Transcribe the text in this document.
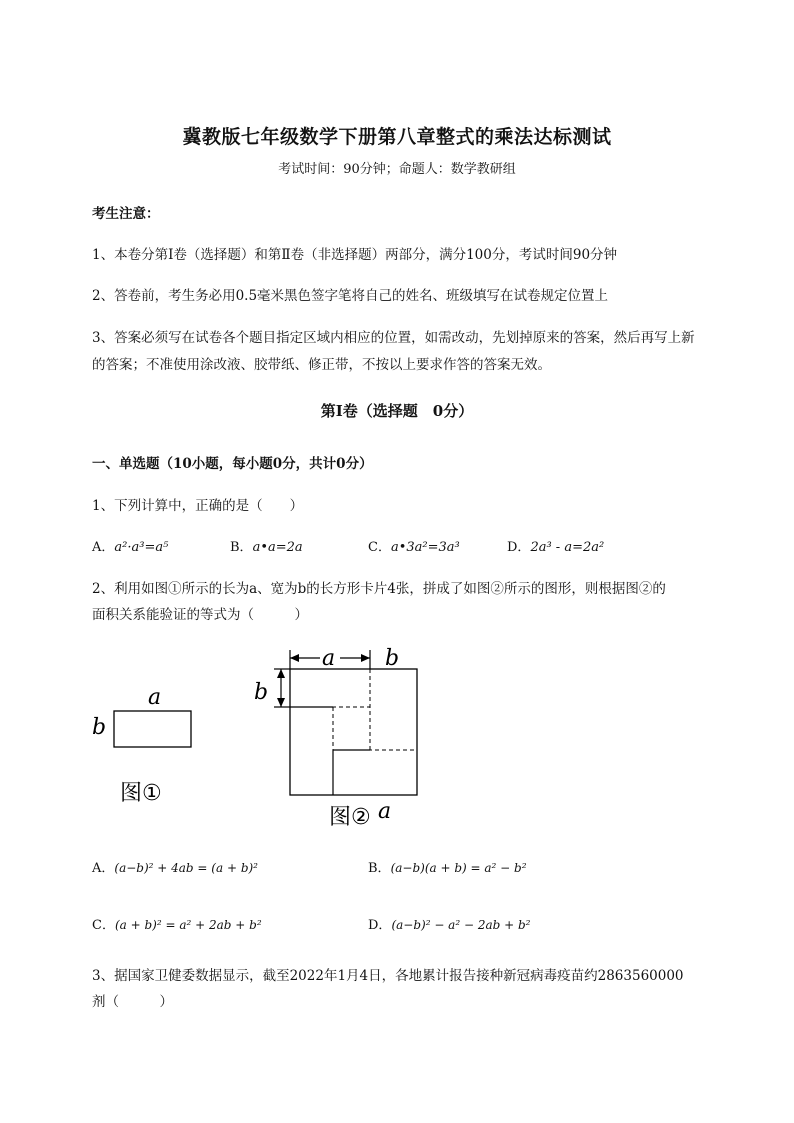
冀教版七年级数学下册第八章整式的乘法达标测试
考试时间：90分钟；命题人：数学教研组
考生注意：
1、本卷分第I卷（选择题）和第Ⅱ卷（非选择题）两部分，满分100分，考试时间90分钟
2、答卷前，考生务必用0.5毫米黑色签字笔将自己的姓名、班级填写在试卷规定位置上
3、答案必须写在试卷各个题目指定区域内相应的位置，如需改动，先划掉原来的答案，然后再写上新
的答案；不准使用涂改液、胶带纸、修正带，不按以上要求作答的答案无效。
第I卷（选择题　0分）
一、单选题（10小题，每小题0分，共计0分）
1、下列计算中，正确的是（　　）
A．a²·a³=a⁵	B．a•a=2a	C．a•3a²=3a³	D．2a³ - a=2a²
2、利用如图①所示的长为a、宽为b的长方形卡片4张，拼成了如图②所示的图形，则根据图②的
面积关系能验证的等式为（　　　）
a
b
图①
a b
b
图② a
A．(a−b)² + 4ab = (a + b)²	B．(a−b)(a + b) = a² − b²
C．(a + b)² = a² + 2ab + b²	D．(a−b)² − a² − 2ab + b²
3、据国家卫健委数据显示，截至2022年1月4日，各地累计报告接种新冠病毒疫苗约2863560000
剂（　　　）
